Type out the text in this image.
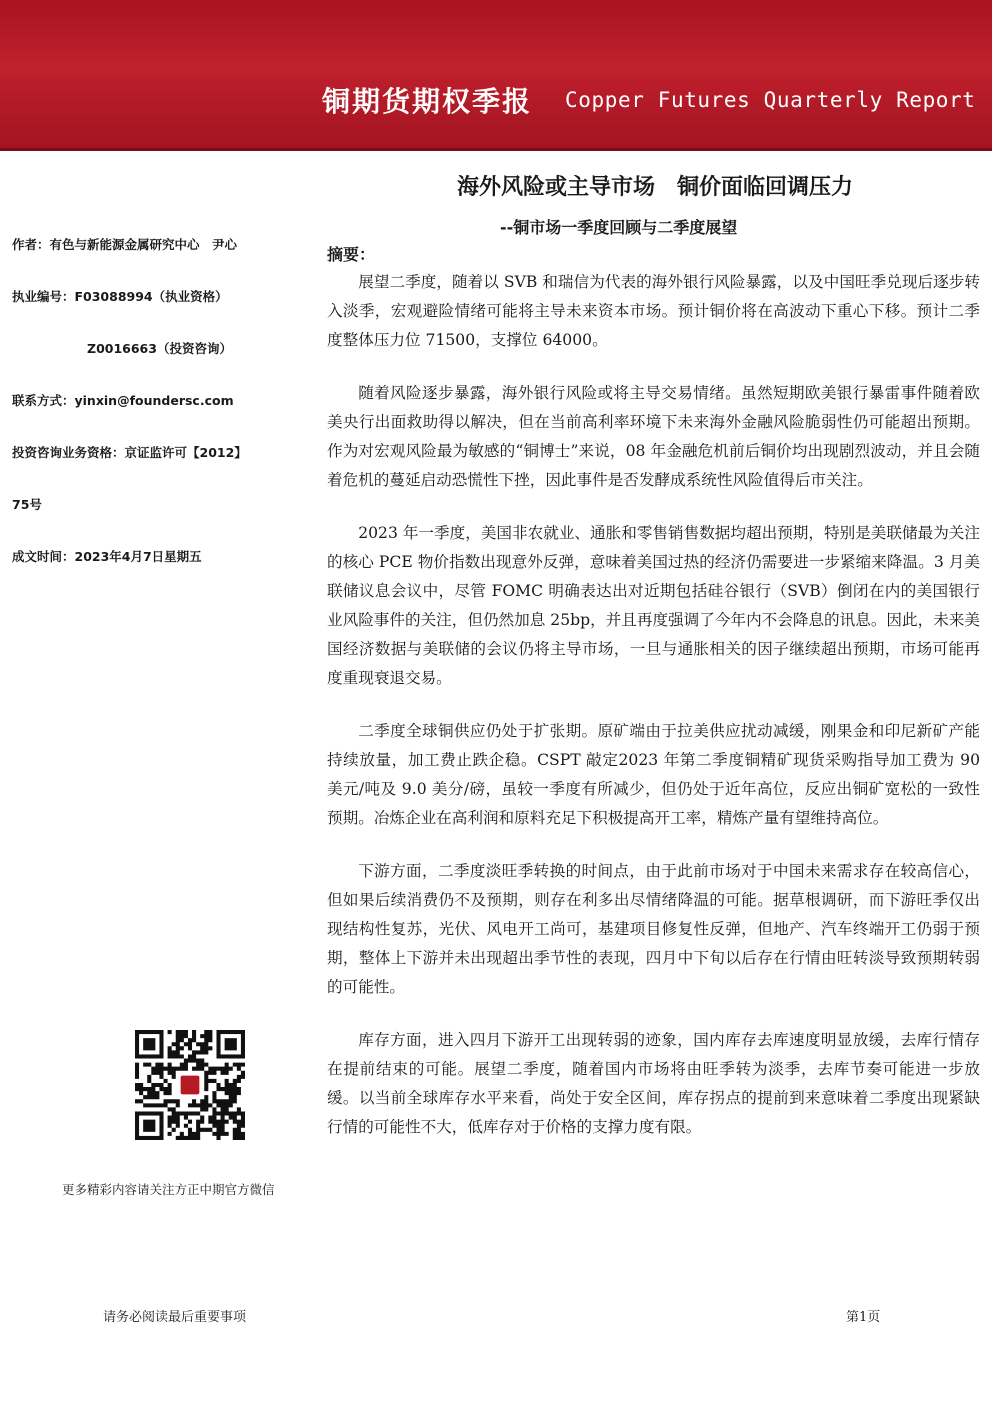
铜期货期权季报 Copper Futures Quarterly Report
海外风险或主导市场　铜价面临回调压力
--铜市场一季度回顾与二季度展望
作者：有色与新能源金属研究中心　尹心
执业编号：F03088994（执业资格）
Z0016663（投资咨询）
联系方式：yinxin@foundersc.com
投资咨询业务资格：京证监许可【2012】
75号
成文时间：2023年4月7日星期五
更多精彩内容请关注方正中期官方微信
摘要：

展望二季度，随着以 SVB 和瑞信为代表的海外银行风险暴露，以及中国旺季兑现后逐步转入淡季，宏观避险情绪可能将主导未来资本市场。预计铜价将在高波动下重心下移。预计二季度整体压力位 71500，支撑位 64000。

随着风险逐步暴露，海外银行风险或将主导交易情绪。虽然短期欧美银行暴雷事件随着欧美央行出面救助得以解决，但在当前高利率环境下未来海外金融风险脆弱性仍可能超出预期。作为对宏观风险最为敏感的“铜博士”来说，08 年金融危机前后铜价均出现剧烈波动，并且会随着危机的蔓延启动恐慌性下挫，因此事件是否发酵成系统性风险值得后市关注。

2023 年一季度，美国非农就业、通胀和零售销售数据均超出预期，特别是美联储最为关注的核心 PCE 物价指数出现意外反弹，意味着美国过热的经济仍需要进一步紧缩来降温。3 月美联储议息会议中，尽管 FOMC 明确表达出对近期包括硅谷银行（SVB）倒闭在内的美国银行业风险事件的关注，但仍然加息 25bp，并且再度强调了今年内不会降息的讯息。因此，未来美国经济数据与美联储的会议仍将主导市场，一旦与通胀相关的因子继续超出预期，市场可能再度重现衰退交易。

二季度全球铜供应仍处于扩张期。原矿端由于拉美供应扰动减缓，刚果金和印尼新矿产能持续放量，加工费止跌企稳。CSPT 敲定2023 年第二季度铜精矿现货采购指导加工费为 90 美元/吨及 9.0 美分/磅，虽较一季度有所减少，但仍处于近年高位，反应出铜矿宽松的一致性预期。冶炼企业在高利润和原料充足下积极提高开工率，精炼产量有望维持高位。

下游方面，二季度淡旺季转换的时间点，由于此前市场对于中国未来需求存在较高信心，但如果后续消费仍不及预期，则存在利多出尽情绪降温的可能。据草根调研，而下游旺季仅出现结构性复苏，光伏、风电开工尚可，基建项目修复性反弹，但地产、汽车终端开工仍弱于预期，整体上下游并未出现超出季节性的表现，四月中下旬以后存在行情由旺转淡导致预期转弱的可能性。

库存方面，进入四月下游开工出现转弱的迹象，国内库存去库速度明显放缓，去库行情存在提前结束的可能。展望二季度，随着国内市场将由旺季转为淡季，去库节奏可能进一步放缓。以当前全球库存水平来看，尚处于安全区间，库存拐点的提前到来意味着二季度出现紧缺行情的可能性不大，低库存对于价格的支撑力度有限。

请务必阅读最后重要事项	第1页
